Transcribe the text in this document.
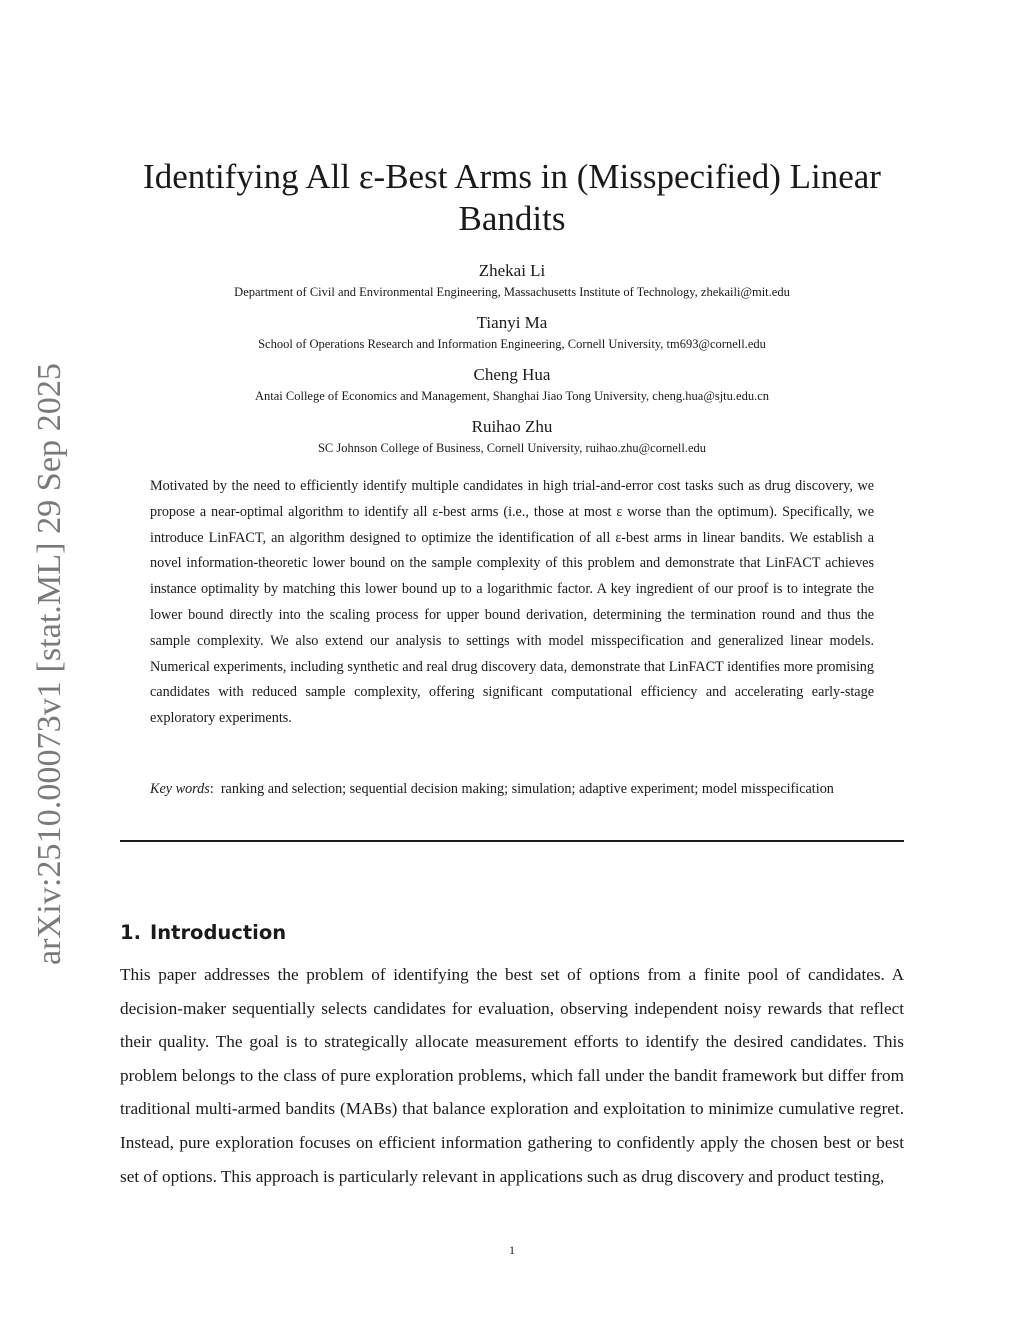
arXiv:2510.00073v1 [stat.ML] 29 Sep 2025
Identifying All ε-Best Arms in (Misspecified) Linear Bandits

Zhekai Li

Department of Civil and Environmental Engineering, Massachusetts Institute of Technology, zhekaili@mit.edu

Tianyi Ma

School of Operations Research and Information Engineering, Cornell University, tm693@cornell.edu

Cheng Hua

Antai College of Economics and Management, Shanghai Jiao Tong University, cheng.hua@sjtu.edu.cn

Ruihao Zhu

SC Johnson College of Business, Cornell University, ruihao.zhu@cornell.edu

Motivated by the need to efficiently identify multiple candidates in high trial-and-error cost tasks such as drug discovery, we propose a near-optimal algorithm to identify all ε-best arms (i.e., those at most ε worse than the optimum). Specifically, we introduce LinFACT, an algorithm designed to optimize the identification of all ε-best arms in linear bandits. We establish a novel information-theoretic lower bound on the sample complexity of this problem and demonstrate that LinFACT achieves instance optimality by matching this lower bound up to a logarithmic factor. A key ingredient of our proof is to integrate the lower bound directly into the scaling process for upper bound derivation, determining the termination round and thus the sample complexity. We also extend our analysis to settings with model misspecification and generalized linear models. Numerical experiments, including synthetic and real drug discovery data, demonstrate that LinFACT identifies more promising candidates with reduced sample complexity, offering significant computational efficiency and accelerating early-stage exploratory experiments.

Key words:  ranking and selection; sequential decision making; simulation; adaptive experiment; model misspecification

1. Introduction

This paper addresses the problem of identifying the best set of options from a finite pool of candidates. A decision-maker sequentially selects candidates for evaluation, observing independent noisy rewards that reflect their quality. The goal is to strategically allocate measurement efforts to identify the desired candidates. This problem belongs to the class of pure exploration problems, which fall under the bandit framework but differ from traditional multi-armed bandits (MABs) that balance exploration and exploitation to minimize cumulative regret. Instead, pure exploration focuses on efficient information gathering to confidently apply the chosen best or best set of options. This approach is particularly relevant in applications such as drug discovery and product testing,

1
